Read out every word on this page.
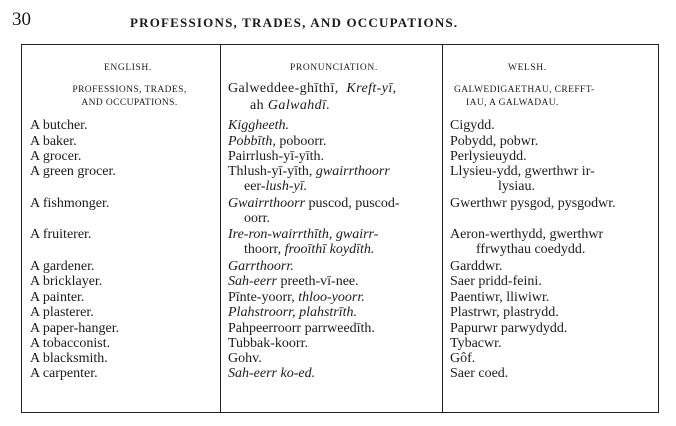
30	PROFESSIONS, TRADES, AND OCCUPATIONS.
ENGLISH.
PROFESSIONS, TRADES,
AND OCCUPATIONS.
A butcher.
A baker.
A grocer.
A green grocer.
A fishmonger.
A fruiterer.
A gardener.
A bricklayer.
A painter.
A plasterer.
A paper-hanger.
A tobacconist.
A blacksmith.
A carpenter.
PRONUNCIATION.
Galweddee-ghīthī, Kreft-yī,
ah Galwahdī.
Kiggheeth.
Pobbīth, poboorr.
Pairrlush-yī-yīth.
Thlush-yī-yīth, gwairrthoorr
eer-lush-yī.
Gwairrthoorr puscod, puscod-
oorr.
Ire-ron-wairrthīth, gwairr-
thoorr, frooīthī koydīth.
Garrthoorr.
Sah-eerr preeth-vī-nee.
Pīnte-yoorr, thloo-yoorr.
Plahstroorr, plahstrīth.
Pahpeerroorr parrweedīth.
Tubbak-koorr.
Gohv.
Sah-eerr ko-ed.
WELSH.
GALWEDIGAETHAU, CREFFT-
IAU, A GALWADAU.
Cigydd.
Pobydd, pobwr.
Perlysieuydd.
Llysieu-ydd, gwerthwr ir-
lysiau.
Gwerthwr pysgod, pysgodwr.
Aeron-werthydd, gwerthwr
ffrwythau coedydd.
Garddwr.
Saer pridd-feini.
Paentiwr, lliwiwr.
Plastrwr, plastrydd.
Papurwr parwydydd.
Tybacwr.
Gôf.
Saer coed.
